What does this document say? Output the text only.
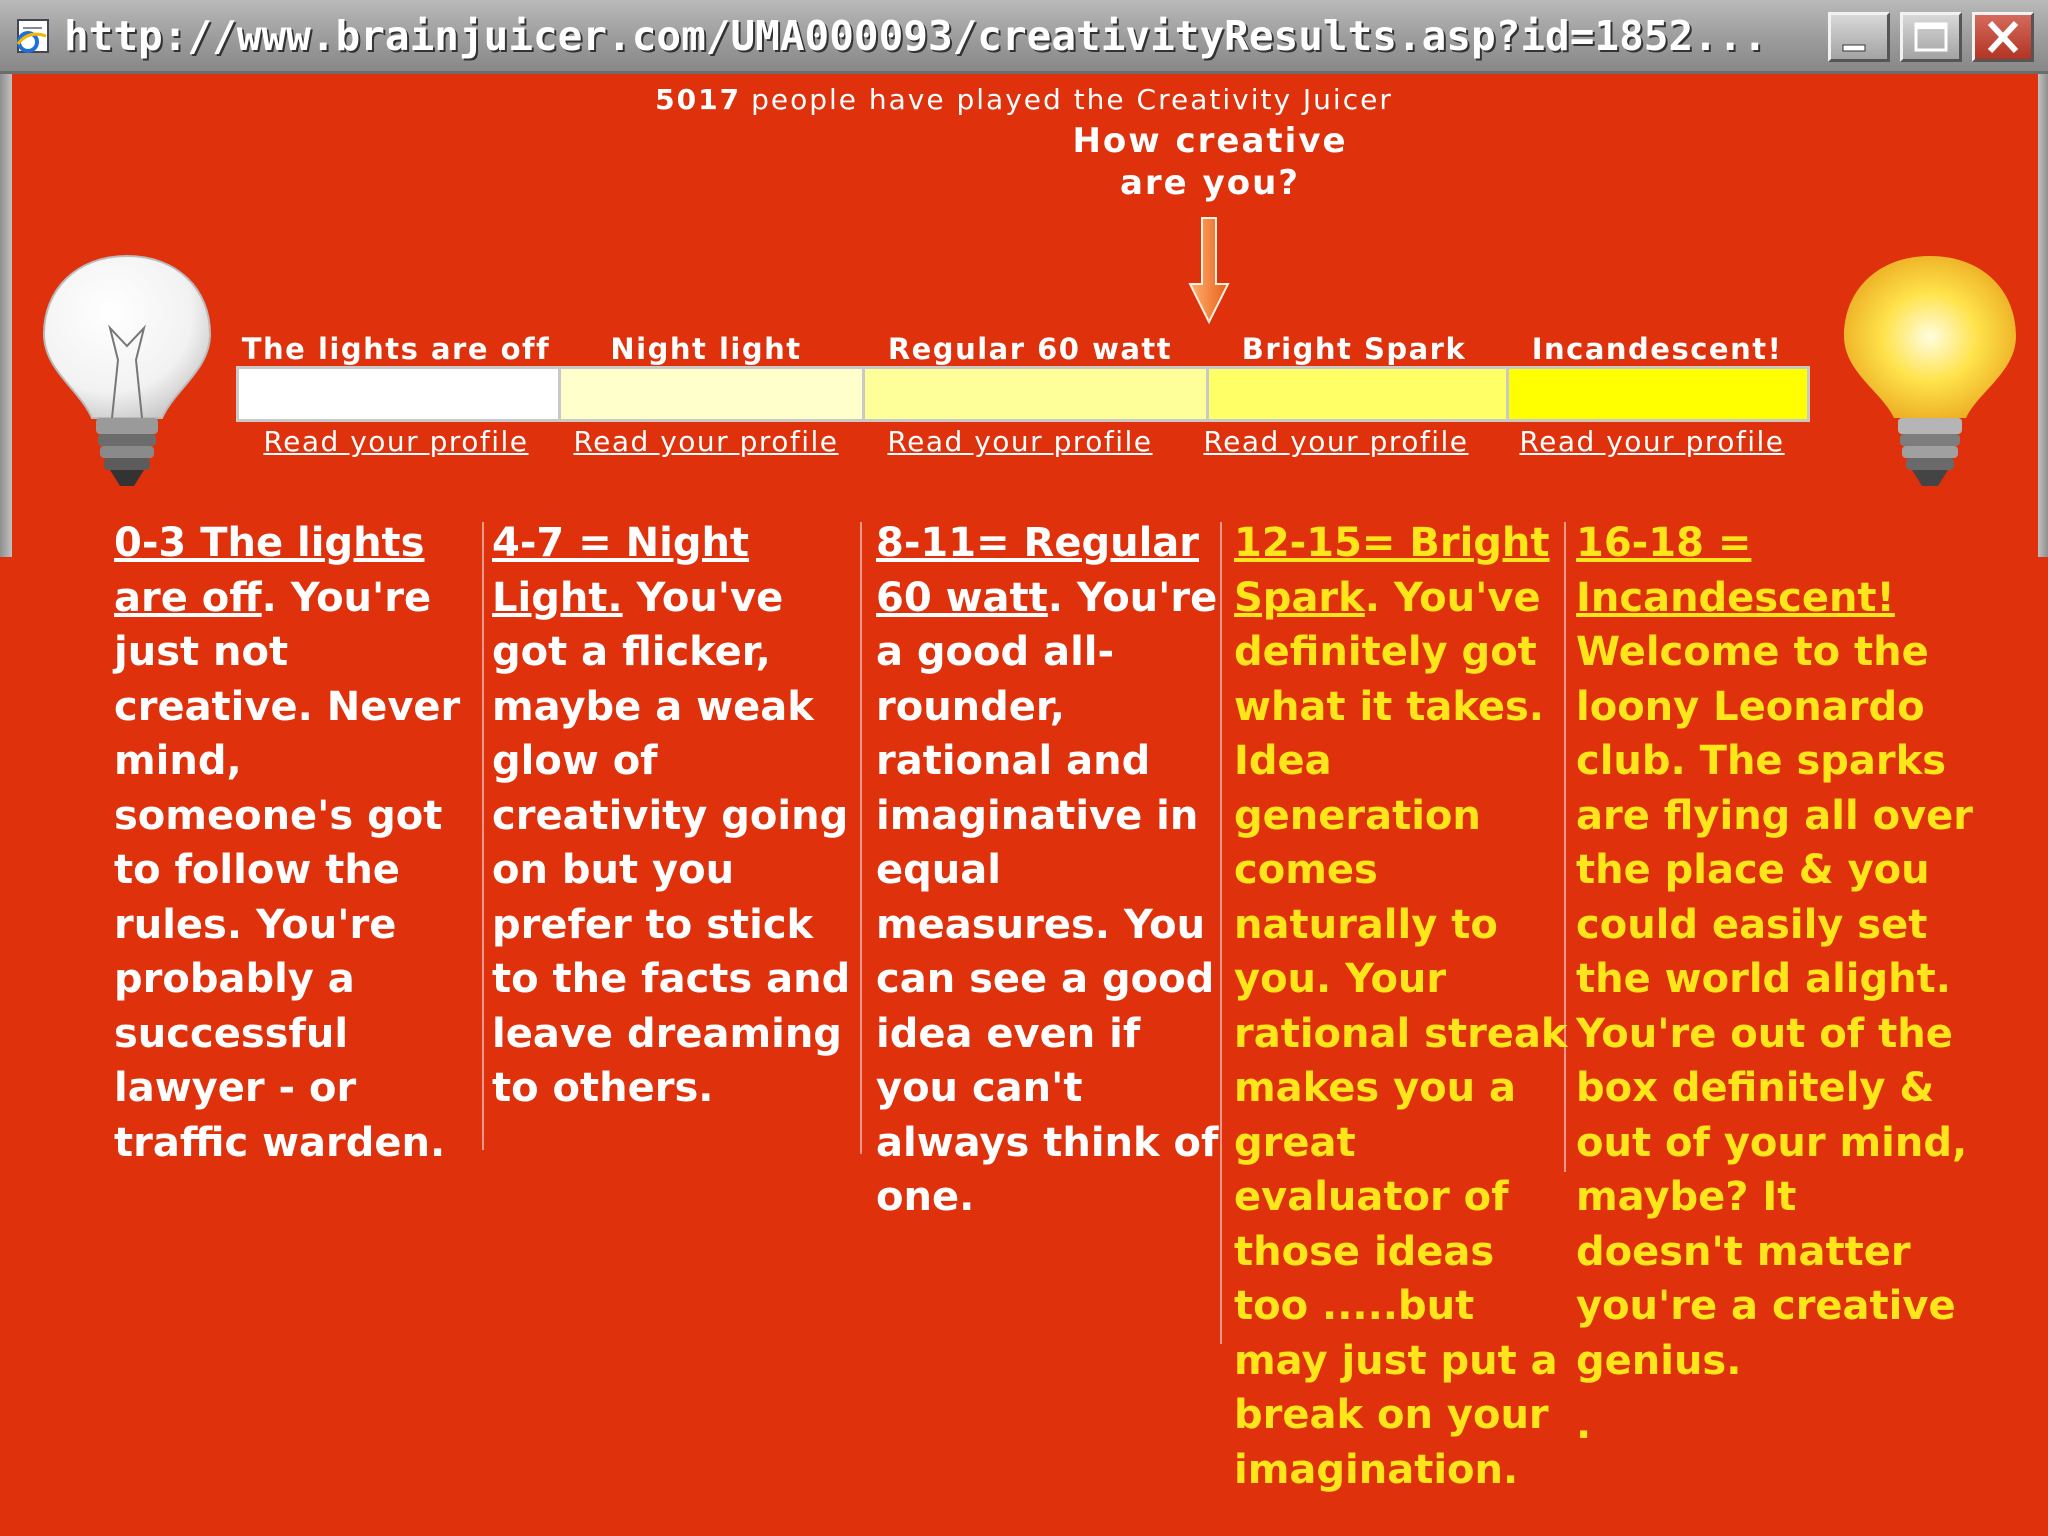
http://www.brainjuicer.com/UMA000093/creativityResults.asp?id=1852...
5017 people have played the Creativity Juicer
How creative
are you?
The lights are off	Night light	Regular 60 watt	Bright Spark	Incandescent!
Read your profile	Read your profile	Read your profile	Read your profile	Read your profile
0-3 The lights are off. You're just not creative. Never mind, someone's got to follow the rules. You're probably a successful lawyer - or traffic warden.
4-7 = Night Light. You've got a flicker, maybe a weak glow of creativity going on but you prefer to stick to the facts and leave dreaming to others.
8-11= Regular 60 watt. You're a good all-rounder, rational and imaginative in equal measures. You can see a good idea even if you can't always think of one.
12-15= Bright Spark. You've definitely got what it takes. Idea generation comes naturally to you. Your rational streak makes you a great evaluator of those ideas too .....but may just put a break on your imagination.
16-18 = Incandescent! Welcome to the loony Leonardo club. The sparks are flying all over the place & you could easily set the world alight. You're out of the box definitely & out of your mind, maybe? It doesn't matter you're a creative genius.
.
